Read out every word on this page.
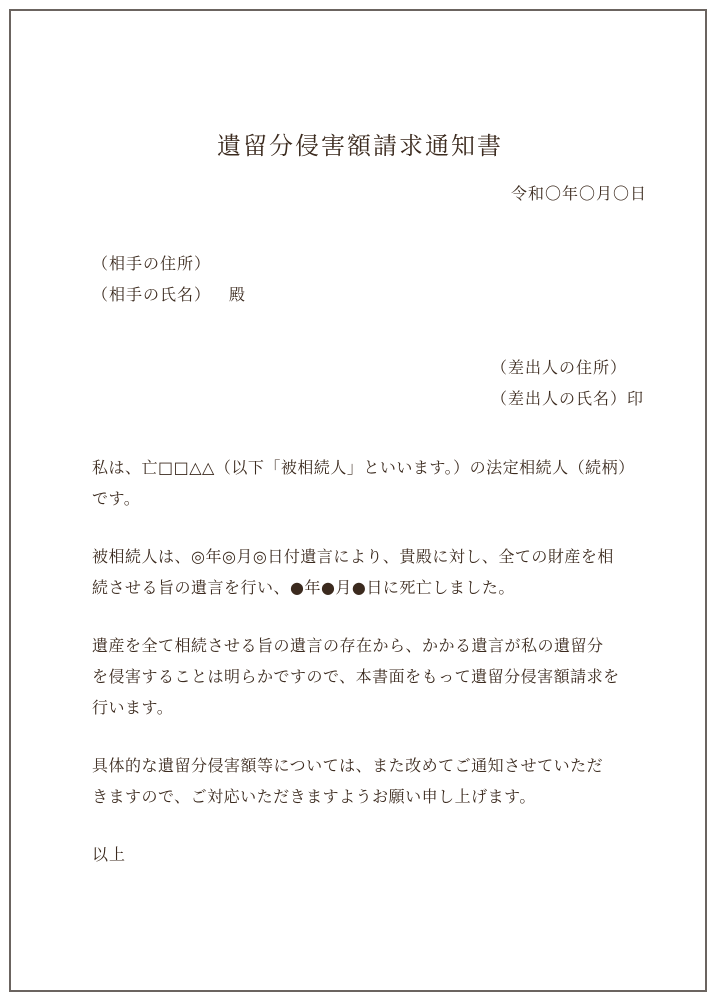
遺留分侵害額請求通知書
令和〇年〇月〇日
（相手の住所）
（相手の氏名） 殿
（差出人の住所）
（差出人の氏名）印

私は、亡□□△△（以下「被相続人」といいます。）の法定相続人（続柄）
です。

被相続人は、◎年◎月◎日付遺言により、貴殿に対し、全ての財産を相
続させる旨の遺言を行い、●年●月●日に死亡しました。

遺産を全て相続させる旨の遺言の存在から、かかる遺言が私の遺留分
を侵害することは明らかですので、本書面をもって遺留分侵害額請求を
行います。

具体的な遺留分侵害額等については、また改めてご通知させていただ
きますので、ご対応いただきますようお願い申し上げます。

以上
